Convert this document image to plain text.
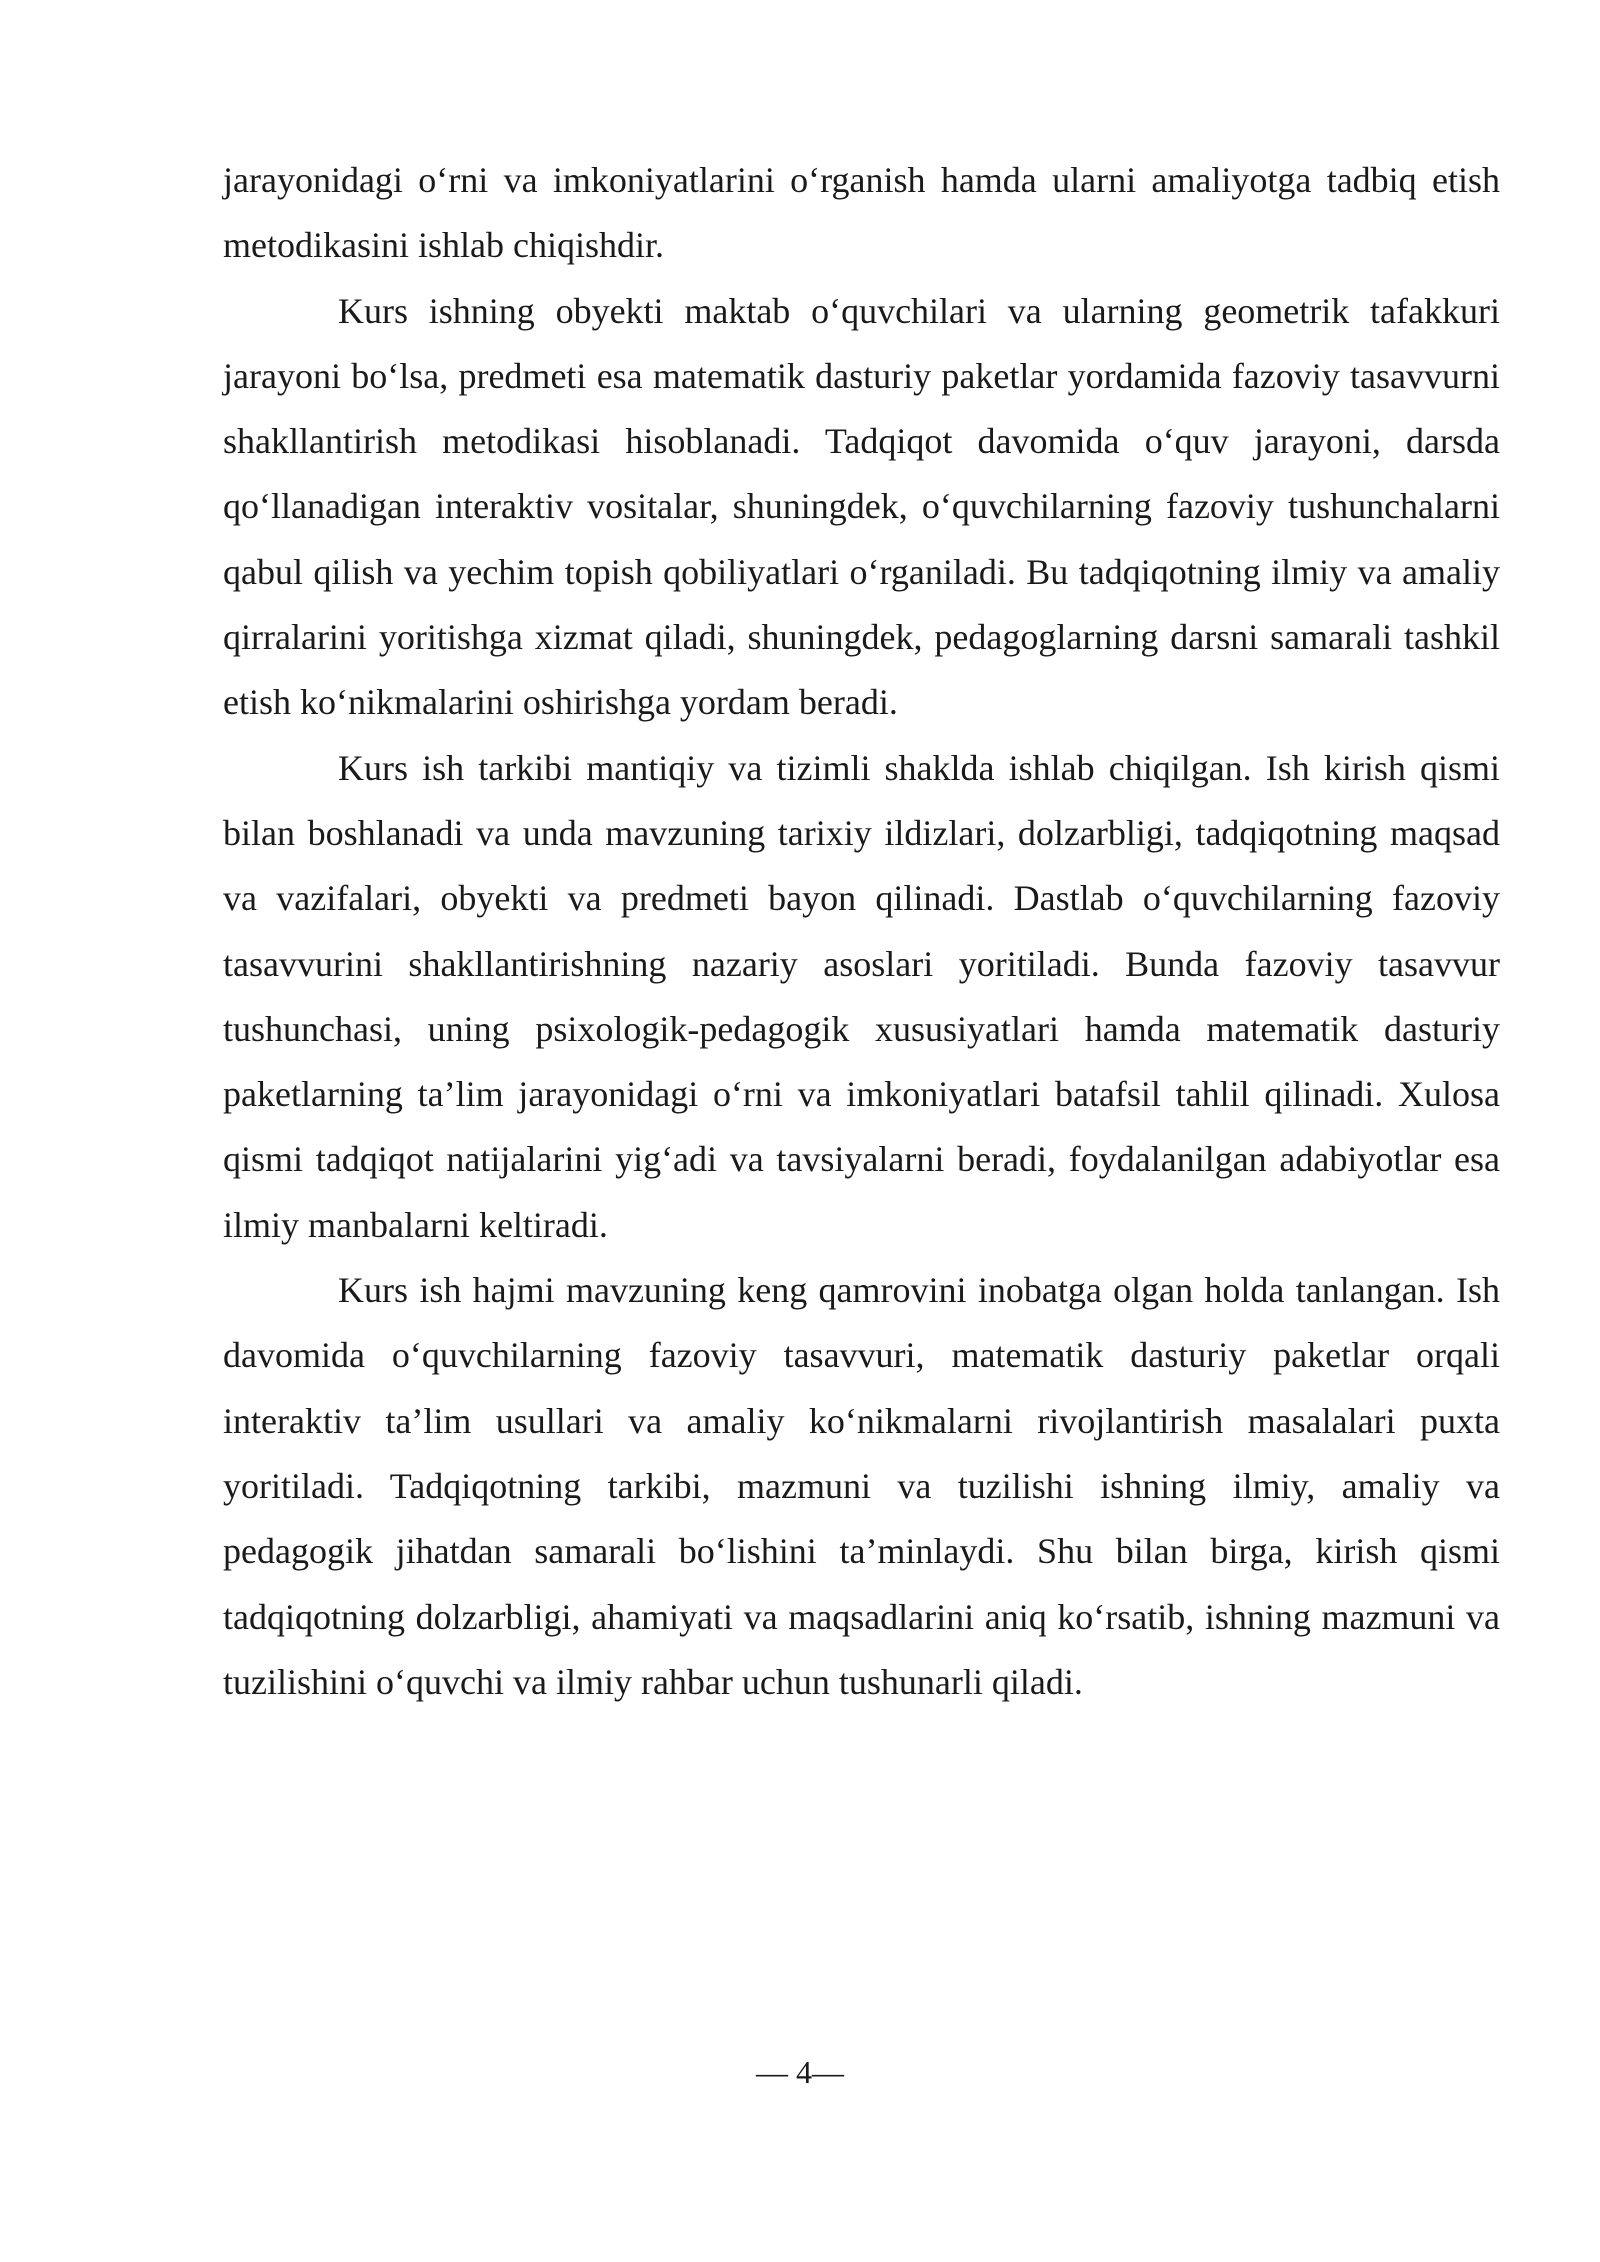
jarayonidagi o‘rni va imkoniyatlarini o‘rganish hamda ularni amaliyotga tadbiq etish metodikasini ishlab chiqishdir.

Kurs ishning obyekti maktab o‘quvchilari va ularning geometrik tafakkuri jarayoni bo‘lsa, predmeti esa matematik dasturiy paketlar yordamida fazoviy tasavvurni shakllantirish metodikasi hisoblanadi. Tadqiqot davomida o‘quv jarayoni, darsda qo‘llanadigan interaktiv vositalar, shuningdek, o‘quvchilarning fazoviy tushunchalarni qabul qilish va yechim topish qobiliyatlari o‘rganiladi. Bu tadqiqotning ilmiy va amaliy qirralarini yoritishga xizmat qiladi, shuningdek, pedagoglarning darsni samarali tashkil etish ko‘nikmalarini oshirishga yordam beradi.

Kurs ish tarkibi mantiqiy va tizimli shaklda ishlab chiqilgan. Ish kirish qismi bilan boshlanadi va unda mavzuning tarixiy ildizlari, dolzarbligi, tadqiqotning maqsad va vazifalari, obyekti va predmeti bayon qilinadi. Dastlab o‘quvchilarning fazoviy tasavvurini shakllantirishning nazariy asoslari yoritiladi. Bunda fazoviy tasavvur tushunchasi, uning psixologik-pedagogik xususiyatlari hamda matematik dasturiy paketlarning ta’lim jarayonidagi o‘rni va imkoniyatlari batafsil tahlil qilinadi. Xulosa qismi tadqiqot natijalarini yig‘adi va tavsiyalarni beradi, foydalanilgan adabiyotlar esa ilmiy manbalarni keltiradi.

Kurs ish hajmi mavzuning keng qamrovini inobatga olgan holda tanlangan. Ish davomida o‘quvchilarning fazoviy tasavvuri, matematik dasturiy paketlar orqali interaktiv ta’lim usullari va amaliy ko‘nikmalarni rivojlantirish masalalari puxta yoritiladi. Tadqiqotning tarkibi, mazmuni va tuzilishi ishning ilmiy, amaliy va pedagogik jihatdan samarali bo‘lishini ta’minlaydi. Shu bilan birga, kirish qismi tadqiqotning dolzarbligi, ahamiyati va maqsadlarini aniq ko‘rsatib, ishning mazmuni va tuzilishini o‘quvchi va ilmiy rahbar uchun tushunarli qiladi.

— 4—
